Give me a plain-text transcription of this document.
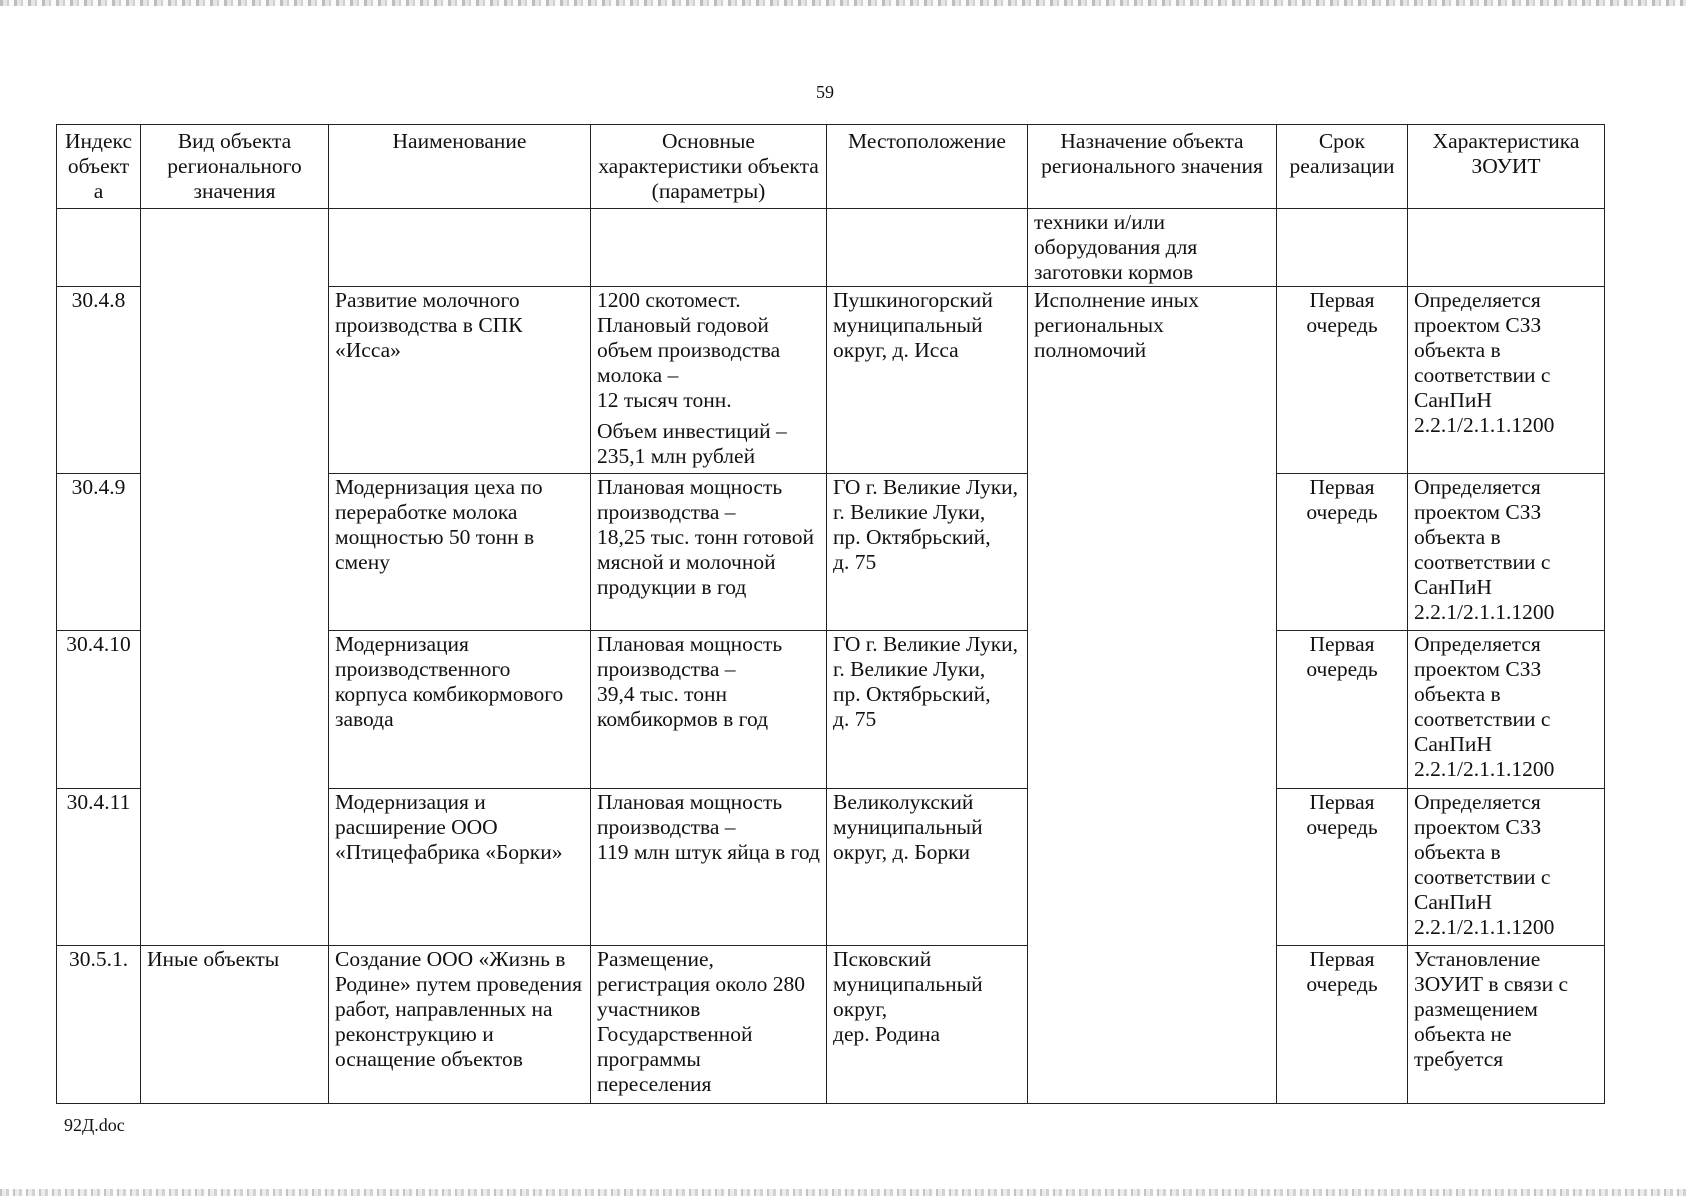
59
Индекс объекта	Вид объекта регионального значения	Наименование	Основные характеристики объекта (параметры)	Местоположение	Назначение объекта регионального значения	Срок реализации	Характеристика ЗОУИТ
					техники и/или
оборудования для
заготовки кормов		
30.4.8		Развитие молочного производства в СПК «Исса»	1200 скотомест.
Плановый годовой объем производства молока –
12 тысяч тонн.
Объем инвестиций –
235,1 млн рублей	Пушкиногорский муниципальный округ, д. Исса	Исполнение иных
региональных
полномочий	Первая очередь	Определяется проектом СЗЗ объекта в соответствии с СанПиН 2.2.1/2.1.1.1200
30.4.9		Модернизация цеха по переработке молока мощностью 50 тонн в смену	Плановая мощность производства –
18,25 тыс. тонн готовой мясной и молочной продукции в год	ГО г. Великие Луки, г. Великие Луки,
пр. Октябрьский,
д. 75		Первая очередь	Определяется проектом СЗЗ объекта в соответствии с СанПиН 2.2.1/2.1.1.1200
30.4.10		Модернизация производственного корпуса комбикормового завода	Плановая мощность производства –
39,4 тыс. тонн комбикормов в год	ГО г. Великие Луки, г. Великие Луки,
пр. Октябрьский,
д. 75		Первая очередь	Определяется проектом СЗЗ объекта в соответствии с СанПиН 2.2.1/2.1.1.1200
30.4.11		Модернизация и расширение ООО «Птицефабрика «Борки»	Плановая мощность производства –
119 млн штук яйца в год	Великолукский муниципальный округ, д. Борки		Первая очередь	Определяется проектом СЗЗ объекта в соответствии с СанПиН 2.2.1/2.1.1.1200
30.5.1.	Иные объекты	Создание ООО «Жизнь в Родине» путем проведения работ, направленных на реконструкцию и оснащение объектов	Размещение, регистрация около 280 участников Государственной программы переселения	Псковский муниципальный округ,
дер. Родина		Первая очередь	Установление ЗОУИТ в связи с размещением объекта не требуется
92Д.doc
